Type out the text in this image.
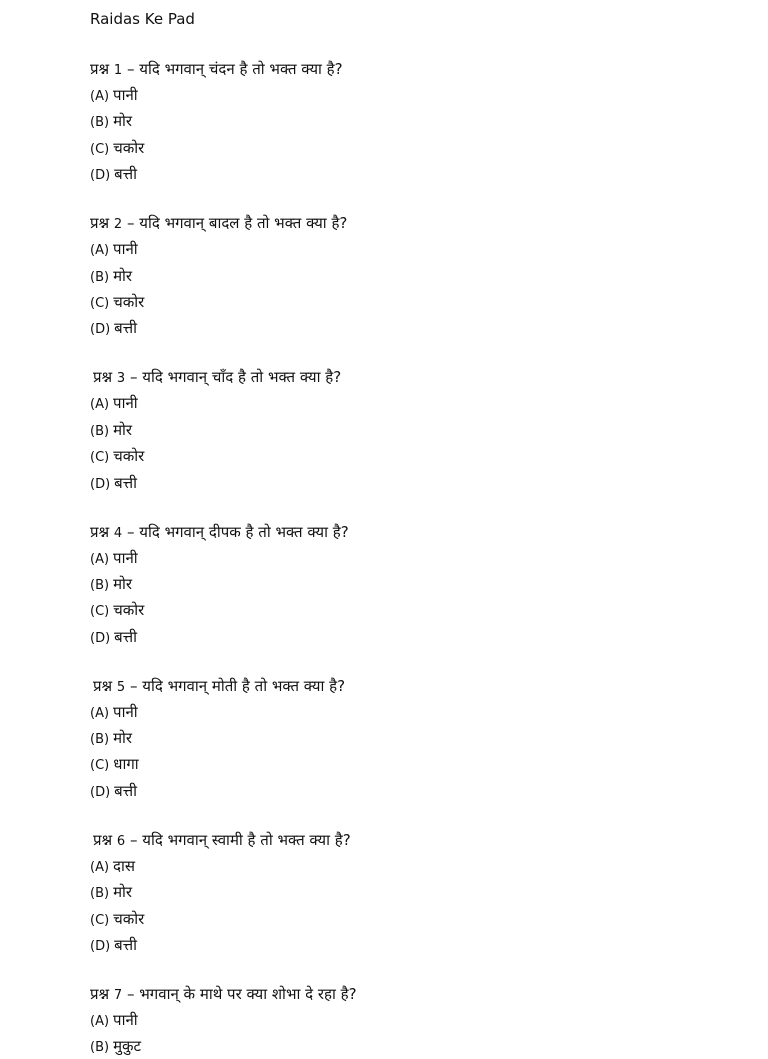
Raidas Ke Pad
प्रश्न 1 – यदि भगवान् चंदन है तो भक्त क्या है?
(A) पानी
(B) मोर
(C) चकोर
(D) बत्ती
प्रश्न 2 – यदि भगवान् बादल है तो भक्त क्या है?
(A) पानी
(B) मोर
(C) चकोर
(D) बत्ती
प्रश्न 3 – यदि भगवान् चाँद है तो भक्त क्या है?
(A) पानी
(B) मोर
(C) चकोर
(D) बत्ती
प्रश्न 4 – यदि भगवान् दीपक है तो भक्त क्या है?
(A) पानी
(B) मोर
(C) चकोर
(D) बत्ती
प्रश्न 5 – यदि भगवान् मोती है तो भक्त क्या है?
(A) पानी
(B) मोर
(C) धागा
(D) बत्ती
प्रश्न 6 – यदि भगवान् स्वामी है तो भक्त क्या है?
(A) दास
(B) मोर
(C) चकोर
(D) बत्ती
प्रश्न 7 – भगवान् के माथे पर क्या शोभा दे रहा है?
(A) पानी
(B) मुकुट
